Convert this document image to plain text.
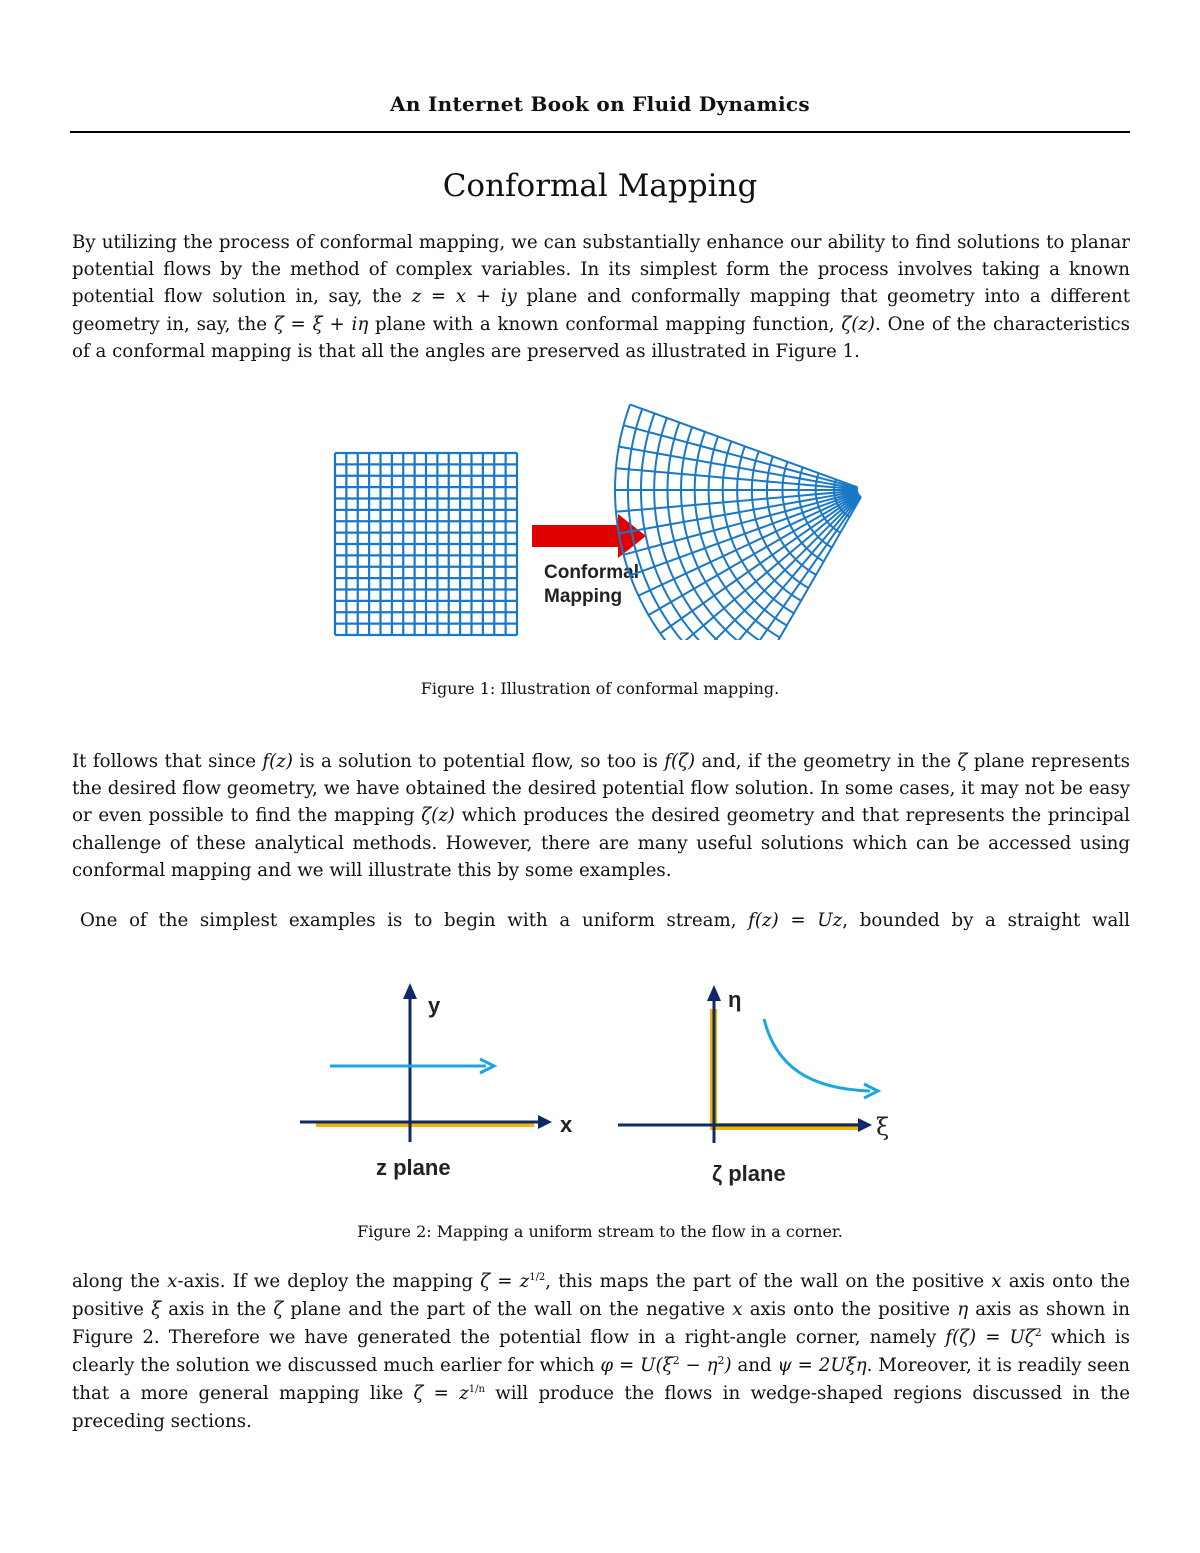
An Internet Book on Fluid Dynamics
Conformal Mapping

By utilizing the process of conformal mapping, we can substantially enhance our ability to find solutions to planar potential flows by the method of complex variables. In its simplest form the process involves taking a known potential flow solution in, say, the z = x + iy plane and conformally mapping that geometry into a different geometry in, say, the ζ = ξ + iη plane with a known conformal mapping function, ζ(z). One of the characteristics of a conformal mapping is that all the angles are preserved as illustrated in Figure 1.

Conformal
Mapping
Figure 1: Illustration of conformal mapping.

It follows that since f(z) is a solution to potential flow, so too is f(ζ) and, if the geometry in the ζ plane represents the desired flow geometry, we have obtained the desired potential flow solution. In some cases, it may not be easy or even possible to find the mapping ζ(z) which produces the desired geometry and that represents the principal challenge of these analytical methods. However, there are many useful solutions which can be accessed using conformal mapping and we will illustrate this by some examples.

One of the simplest examples is to begin with a uniform stream, f(z) = Uz, bounded by a straight wall

y
x
z plane
η
ξ
ζ plane
Figure 2: Mapping a uniform stream to the flow in a corner.

along the x-axis. If we deploy the mapping $\zeta = z^{1/2}$, this maps the part of the wall on the positive x axis onto the positive ξ axis in the ζ plane and the part of the wall on the negative x axis onto the positive η axis as shown in Figure 2. Therefore we have generated the potential flow in a right-angle corner, namely $f(\zeta) = U\zeta^2$ which is clearly the solution we discussed much earlier for which $\varphi = U(\xi^2 - \eta^2)$ and ψ = 2Uξη. Moreover, it is readily seen that a more general mapping like $\zeta = z^{1/n}$ will produce the flows in wedge-shaped regions discussed in the preceding sections.
